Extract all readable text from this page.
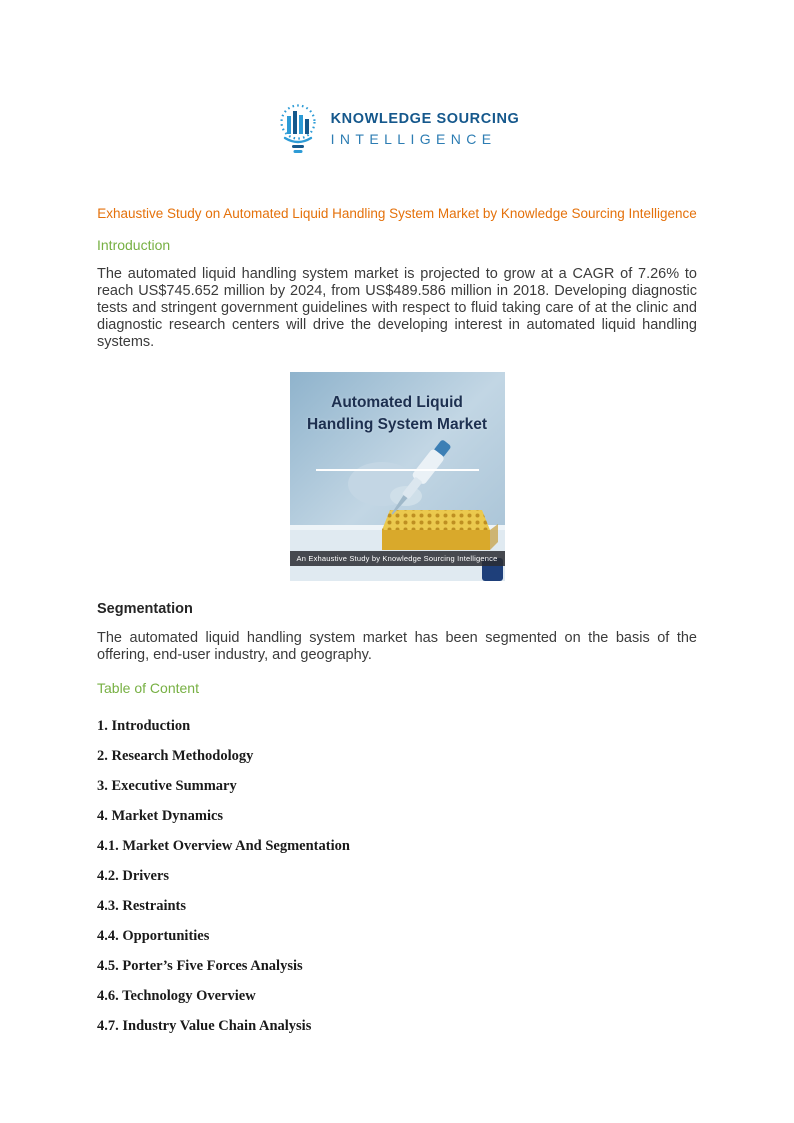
KNOWLEDGE SOURCING
INTELLIGENCE
Exhaustive Study on Automated Liquid Handling System Market by Knowledge Sourcing Intelligence
Introduction

The automated liquid handling system market is projected to grow at a CAGR of 7.26% to reach US$745.652 million by 2024, from US$489.586 million in 2018. Developing diagnostic tests and stringent government guidelines with respect to fluid taking care of at the clinic and diagnostic research centers will drive the developing interest in automated liquid handling systems.

Automated Liquid
Handling System Market
An Exhaustive Study by Knowledge Sourcing Intelligence
Segmentation

The automated liquid handling system market has been segmented on the basis of the offering, end-user industry, and geography.

Table of Content

1. Introduction

2. Research Methodology

3. Executive Summary

4. Market Dynamics

4.1. Market Overview And Segmentation

4.2. Drivers

4.3. Restraints

4.4. Opportunities

4.5. Porter’s Five Forces Analysis

4.6. Technology Overview

4.7. Industry Value Chain Analysis
